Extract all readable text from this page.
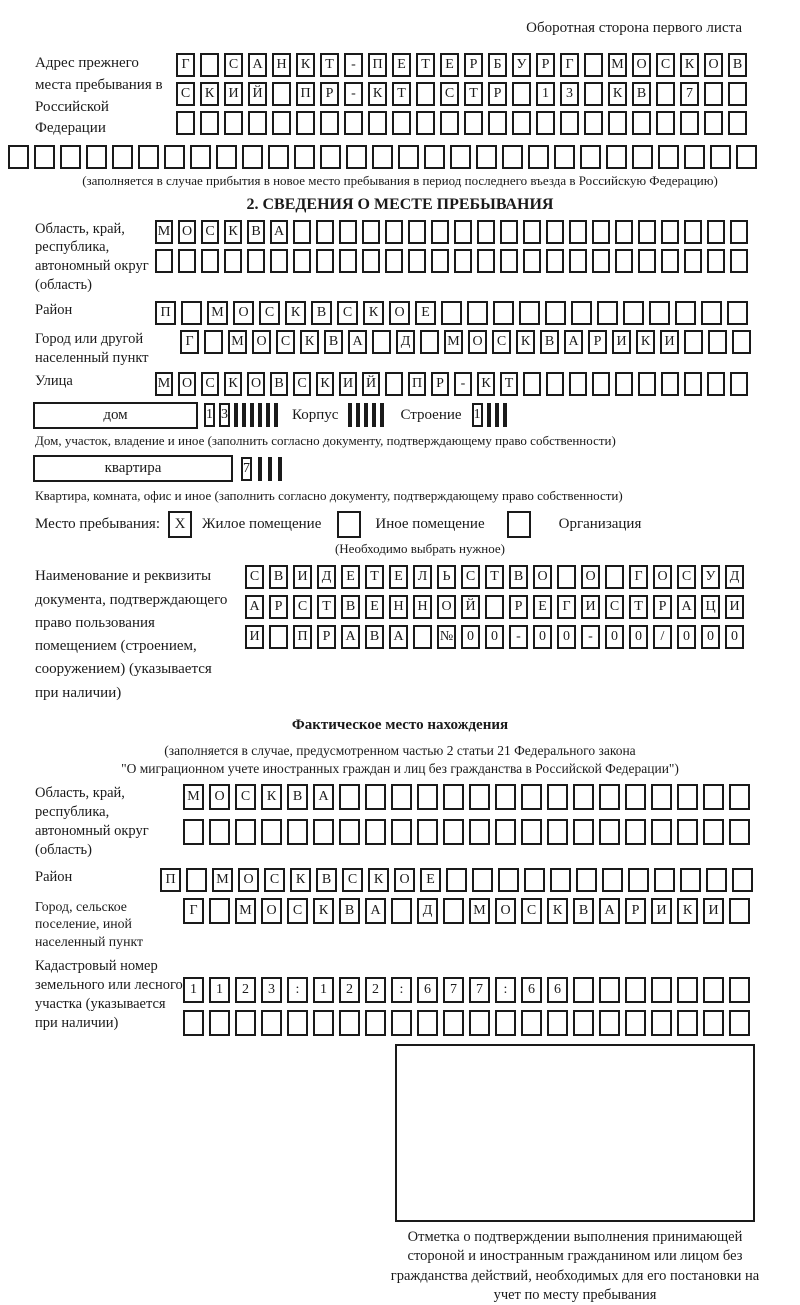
Оборотная сторона первого листа
Адрес прежнего места пребывания в Российской Федерации
Г	С	А Н	К	Т	-	П	Е	Т	Е	Р	Б	У	Р	Г	М О	С	К	О	В
С	К	И Й	П	Р	-	К	Т	С	Т	Р	1	3	К	В	7
(заполняется в случае прибытия в новое место пребывания в период последнего въезда в Российскую Федерацию)
2. СВЕДЕНИЯ О МЕСТЕ ПРЕБЫВАНИЯ
Область, край, республика, автономный округ (область)
М О С К В А
Район	П	М	О	С	К	В	С	К	О	Е
Город или другой населенный пункт
Г	М О	С	К	В	А	Д	М О	С	К	В	А	Р	И	К	И
Улица	М О С К О В С К И Й	П	Р	-	К	Т
дом	1 3	Корпус	Строение 1
Дом, участок, владение и иное (заполнить согласно документу, подтверждающему право собственности)
квартира	7
Квартира, комната, офис и иное (заполнить согласно документу, подтверждающему право собственности)
Место пребывания: X	Жилое помещение	Иное помещение	Организация
(Необходимо выбрать нужное)
Наименование и реквизиты документа, подтверждающего право пользования помещением (строением, сооружением) (указывается при наличии)
С	В	И	Д	Е	Т	Е	Л	Ь	С	Т	В	О	О	Г	О	С	У	Д
А	Р	С	Т	В	Е	Н Н О Й	Р	Е	Г	И	С	Т	Р	А Ц И
И	П	Р	А	В	А	№ 0	0	-	0	0	-	0	0	/	0	0	0
Фактическое место нахождения
(заполняется в случае, предусмотренном частью 2 статьи 21 Федерального закона
"О миграционном учете иностранных граждан и лиц без гражданства в Российской Федерации")
Область, край, республика, автономный округ (область)
М	О	С	К	В	А
Район	П	М	О	С	К	В	С	К	О	Е
Город, сельское поселение, иной населенный пункт
Г	М	О	С	К	В	А	Д	М	О	С	К	В	А	Р	И	К	И
Кадастровый номер земельного или лесного участка (указывается при наличии)
1	1	2	3	:	1	2	2	:	6	7	7	:	6	6
Отметка о подтверждении выполнения принимающей стороной и иностранным гражданином или лицом без гражданства действий, необходимых для его постановки на учет по месту пребывания
